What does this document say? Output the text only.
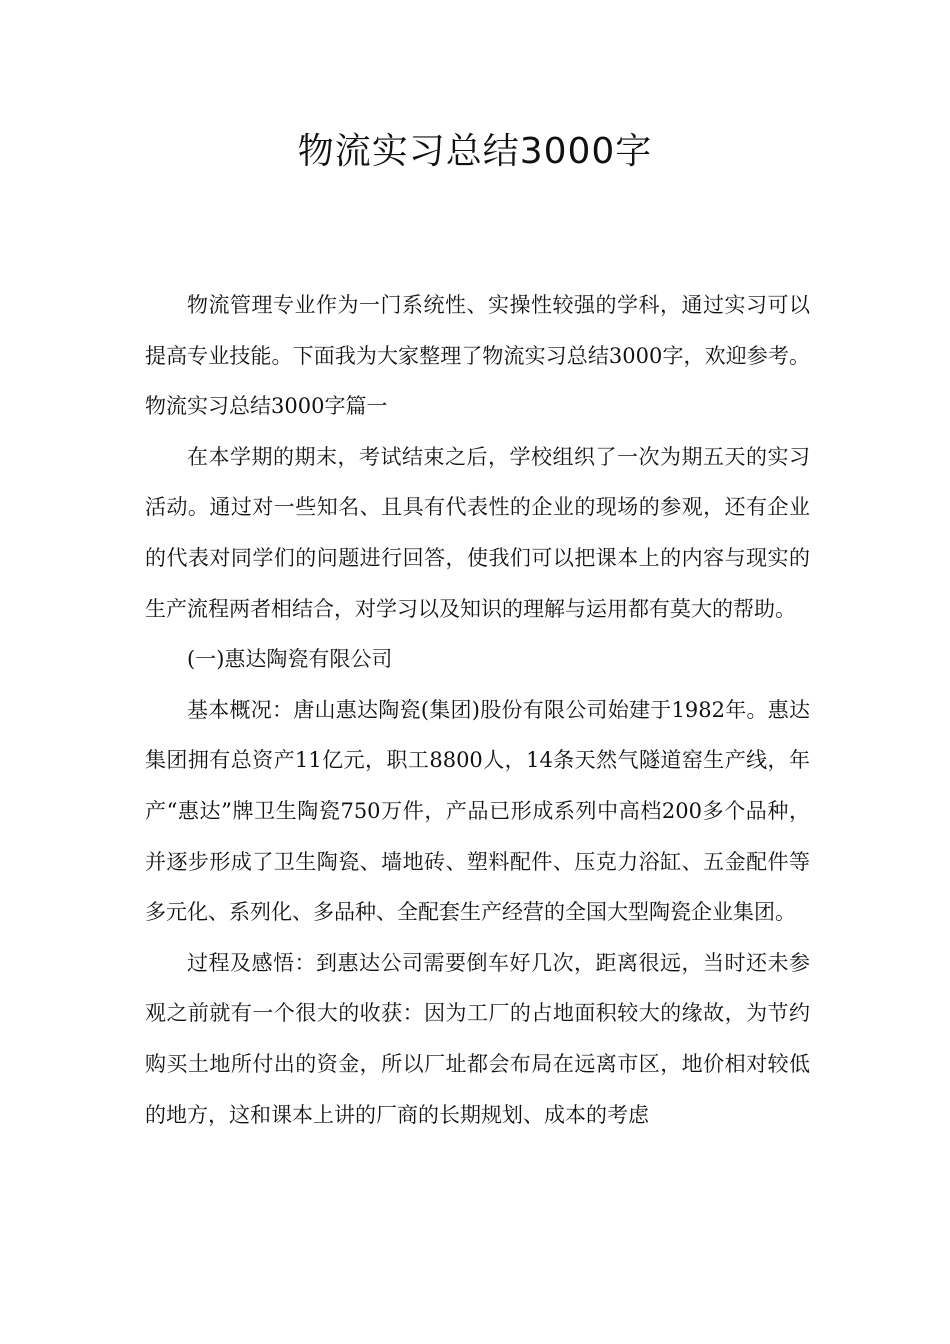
物流实习总结3000字

物流管理专业作为一门系统性、实操性较强的学科，通过实习可以提高专业技能。下面我为大家整理了物流实习总结3000字，欢迎参考。物流实习总结3000字篇一

在本学期的期末，考试结束之后，学校组织了一次为期五天的实习活动。通过对一些知名、且具有代表性的企业的现场的参观，还有企业的代表对同学们的问题进行回答，使我们可以把课本上的内容与现实的生产流程两者相结合，对学习以及知识的理解与运用都有莫大的帮助。

(一)惠达陶瓷有限公司

基本概况：唐山惠达陶瓷(集团)股份有限公司始建于1982年。惠达集团拥有总资产11亿元，职工8800人，14条天然气隧道窑生产线，年产“惠达”牌卫生陶瓷750万件，产品已形成系列中高档200多个品种，并逐步形成了卫生陶瓷、墙地砖、塑料配件、压克力浴缸、五金配件等多元化、系列化、多品种、全配套生产经营的全国大型陶瓷企业集团。

过程及感悟：到惠达公司需要倒车好几次，距离很远，当时还未参观之前就有一个很大的收获：因为工厂的占地面积较大的缘故，为节约购买土地所付出的资金，所以厂址都会布局在远离市区，地价相对较低的地方，这和课本上讲的厂商的长期规划、成本的考虑
